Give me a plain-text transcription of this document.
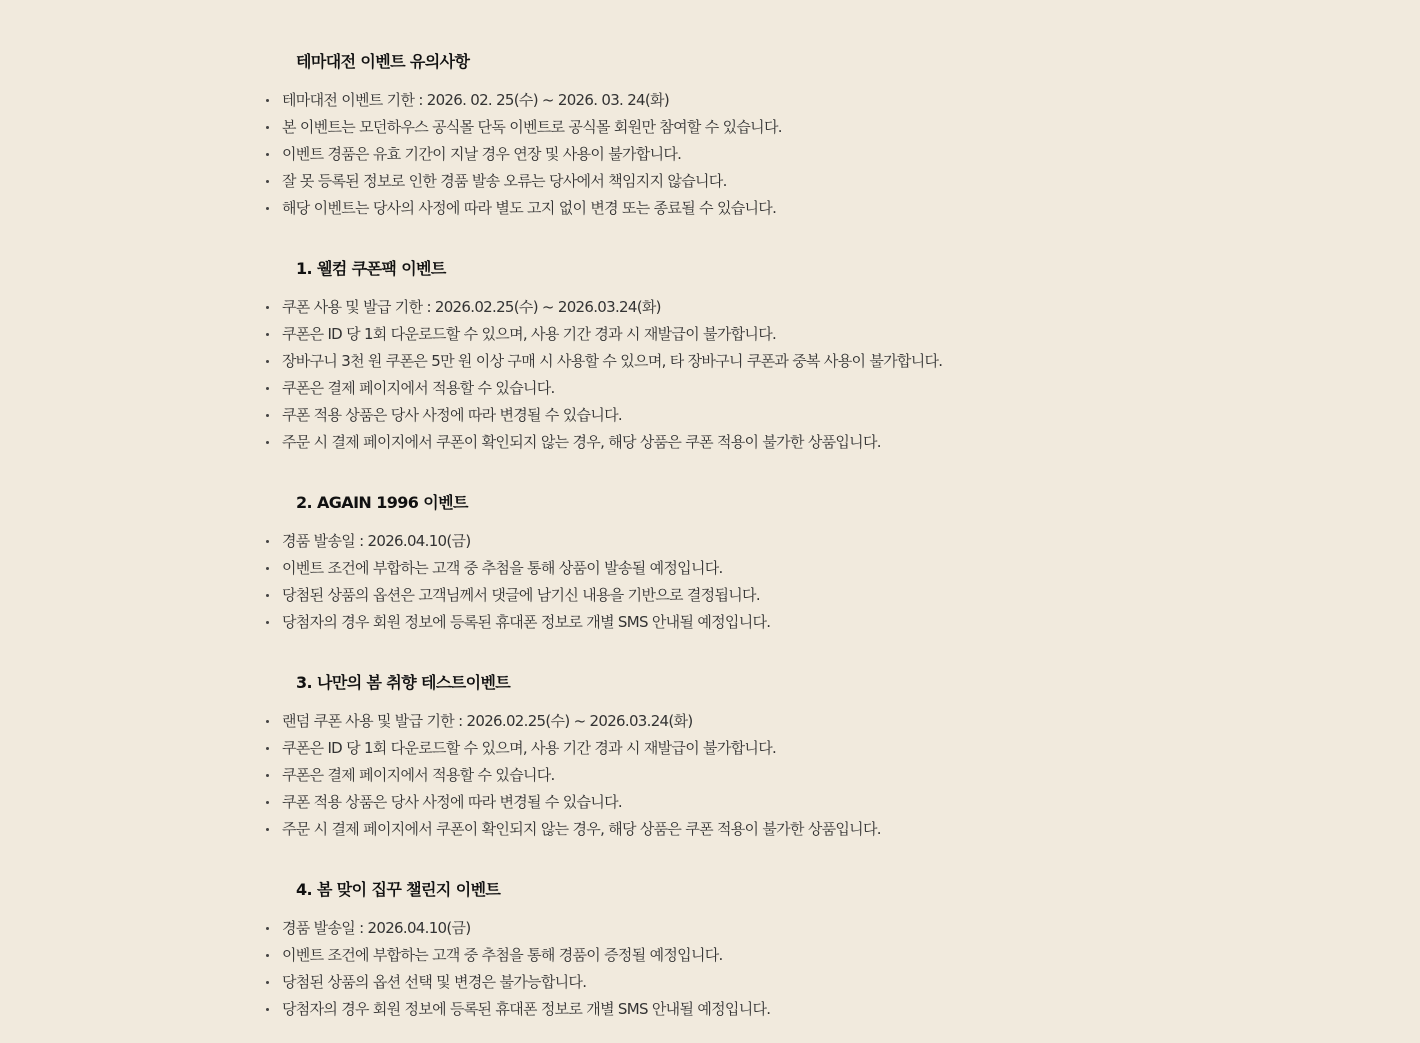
테마대전 이벤트 유의사항
테마대전 이벤트 기한 : 2026. 02. 25(수) ~ 2026. 03. 24(화)
본 이벤트는 모던하우스 공식몰 단독 이벤트로 공식몰 회원만 참여할 수 있습니다.
이벤트 경품은 유효 기간이 지날 경우 연장 및 사용이 불가합니다.
잘 못 등록된 정보로 인한 경품 발송 오류는 당사에서 책임지지 않습니다.
해당 이벤트는 당사의 사정에 따라 별도 고지 없이 변경 또는 종료될 수 있습니다.
1. 웰컴 쿠폰팩 이벤트
쿠폰 사용 및 발급 기한 : 2026.02.25(수) ~ 2026.03.24(화)
쿠폰은 ID 당 1회 다운로드할 수 있으며, 사용 기간 경과 시 재발급이 불가합니다.
장바구니 3천 원 쿠폰은 5만 원 이상 구매 시 사용할 수 있으며, 타 장바구니 쿠폰과 중복 사용이 불가합니다.
쿠폰은 결제 페이지에서 적용할 수 있습니다.
쿠폰 적용 상품은 당사 사정에 따라 변경될 수 있습니다.
주문 시 결제 페이지에서 쿠폰이 확인되지 않는 경우, 해당 상품은 쿠폰 적용이 불가한 상품입니다.
2. AGAIN 1996 이벤트
경품 발송일 : 2026.04.10(금)
이벤트 조건에 부합하는 고객 중 추첨을 통해 상품이 발송될 예정입니다.
당첨된 상품의 옵션은 고객님께서 댓글에 남기신 내용을 기반으로 결정됩니다.
당첨자의 경우 회원 정보에 등록된 휴대폰 정보로 개별 SMS 안내될 예정입니다.
3. 나만의 봄 취향 테스트이벤트
랜덤 쿠폰 사용 및 발급 기한 : 2026.02.25(수) ~ 2026.03.24(화)
쿠폰은 ID 당 1회 다운로드할 수 있으며, 사용 기간 경과 시 재발급이 불가합니다.
쿠폰은 결제 페이지에서 적용할 수 있습니다.
쿠폰 적용 상품은 당사 사정에 따라 변경될 수 있습니다.
주문 시 결제 페이지에서 쿠폰이 확인되지 않는 경우, 해당 상품은 쿠폰 적용이 불가한 상품입니다.
4. 봄 맞이 집꾸 챌린지 이벤트
경품 발송일 : 2026.04.10(금)
이벤트 조건에 부합하는 고객 중 추첨을 통해 경품이 증정될 예정입니다.
당첨된 상품의 옵션 선택 및 변경은 불가능합니다.
당첨자의 경우 회원 정보에 등록된 휴대폰 정보로 개별 SMS 안내될 예정입니다.
